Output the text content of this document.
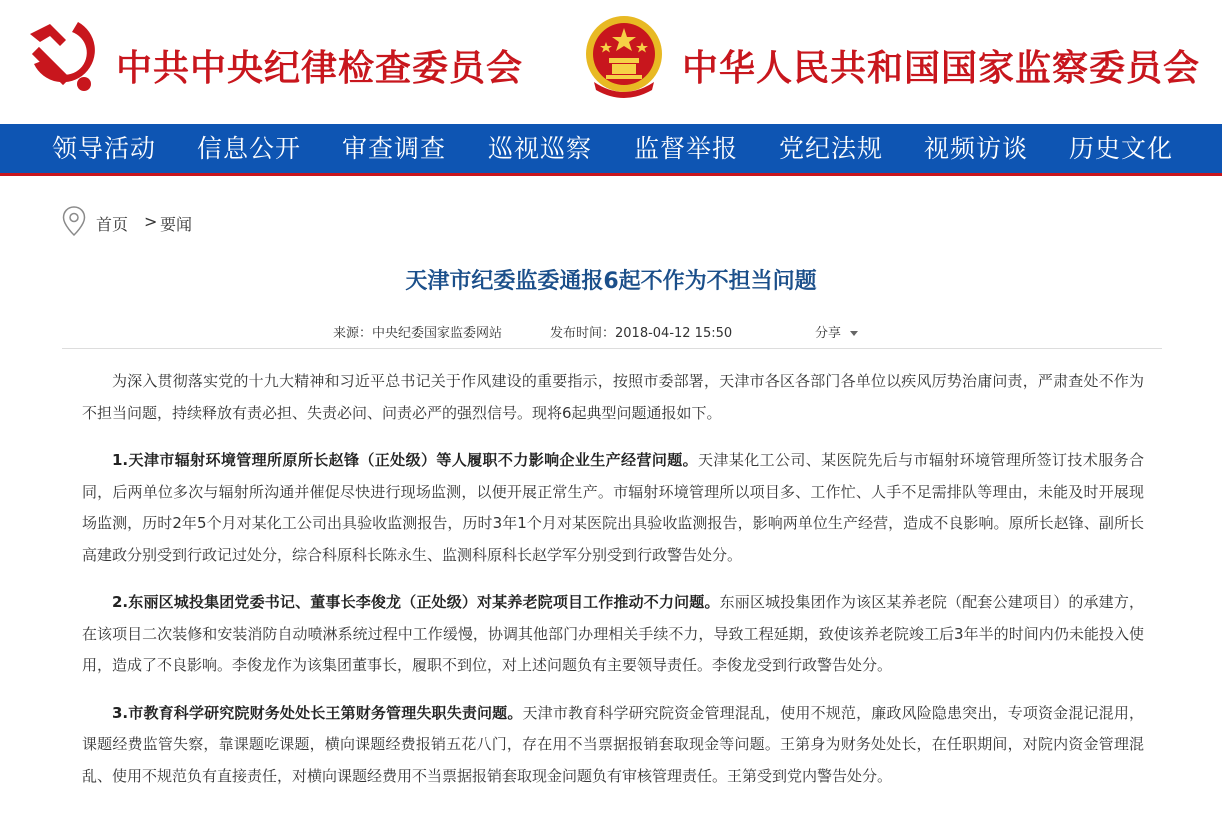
中共中央纪律检查委员会	中华人民共和国国家监察委员会
领导活动 信息公开 审查调查 巡视巡察 监督举报 党纪法规 视频访谈 历史文化
首页 > 要闻
天津市纪委监委通报6起不作为不担当问题
来源：中央纪委国家监委网站	发布时间：2018-04-12 15:50	分享

为深入贯彻落实党的十九大精神和习近平总书记关于作风建设的重要指示，按照市委部署，天津市各区各部门各单位以疾风厉势治庸问责，严肃查处不作为不担当问题，持续释放有责必担、失责必问、问责必严的强烈信号。现将6起典型问题通报如下。

1.天津市辐射环境管理所原所长赵锋（正处级）等人履职不力影响企业生产经营问题。天津某化工公司、某医院先后与市辐射环境管理所签订技术服务合同，后两单位多次与辐射所沟通并催促尽快进行现场监测，以便开展正常生产。市辐射环境管理所以项目多、工作忙、人手不足需排队等理由，未能及时开展现场监测，历时2年5个月对某化工公司出具验收监测报告，历时3年1个月对某医院出具验收监测报告，影响两单位生产经营，造成不良影响。原所长赵锋、副所长高建政分别受到行政记过处分，综合科原科长陈永生、监测科原科长赵学军分别受到行政警告处分。

2.东丽区城投集团党委书记、董事长李俊龙（正处级）对某养老院项目工作推动不力问题。东丽区城投集团作为该区某养老院（配套公建项目）的承建方，在该项目二次装修和安装消防自动喷淋系统过程中工作缓慢，协调其他部门办理相关手续不力，导致工程延期，致使该养老院竣工后3年半的时间内仍未能投入使用，造成了不良影响。李俊龙作为该集团董事长，履职不到位，对上述问题负有主要领导责任。李俊龙受到行政警告处分。

3.市教育科学研究院财务处处长王第财务管理失职失责问题。天津市教育科学研究院资金管理混乱，使用不规范，廉政风险隐患突出，专项资金混记混用，课题经费监管失察，靠课题吃课题，横向课题经费报销五花八门，存在用不当票据报销套取现金等问题。王第身为财务处处长，在任职期间，对院内资金管理混乱、使用不规范负有直接责任，对横向课题经费用不当票据报销套取现金问题负有审核管理责任。王第受到党内警告处分。
